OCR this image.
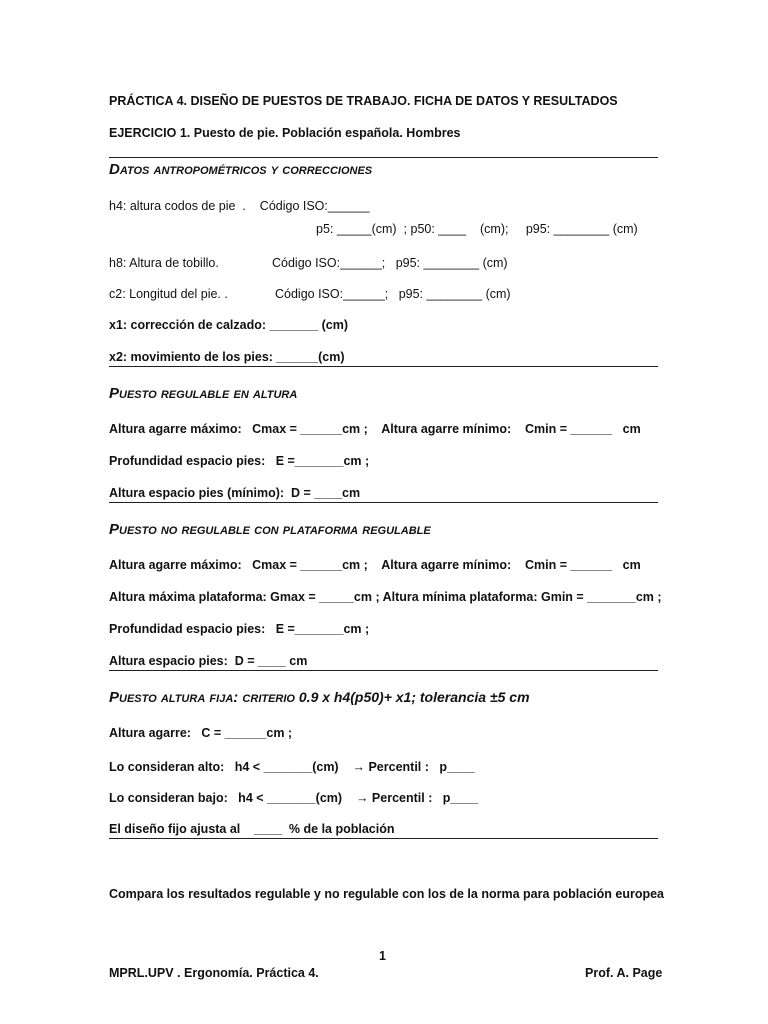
PRÁCTICA 4. DISEÑO DE PUESTOS DE TRABAJO. FICHA DE DATOS Y RESULTADOS
EJERCICIO 1. Puesto de pie. Población española. Hombres
Datos antropométricos y correcciones
h4: altura codos de pie  .    Código ISO:______
p5: _____(cm)  ; p50: ____    (cm);     p95: ________ (cm)
h8: Altura de tobillo.	Código ISO:______;   p95: ________ (cm)
c2: Longitud del pie. .	Código ISO:______;   p95: ________ (cm)
x1: corrección de calzado: _______ (cm)
x2: movimiento de los pies: ______(cm)
Puesto regulable en altura
Altura agarre máximo:   Cmax = ______cm ;    Altura agarre mínimo:    Cmin = ______   cm
Profundidad espacio pies:   E =_______cm ;
Altura espacio pies (mínimo):  D = ____cm
Puesto no regulable con plataforma regulable
Altura agarre máximo:   Cmax = ______cm ;    Altura agarre mínimo:    Cmin = ______   cm
Altura máxima plataforma: Gmax = _____cm ; Altura mínima plataforma: Gmin = _______cm ;
Profundidad espacio pies:   E =_______cm ;
Altura espacio pies:  D = ____ cm
Puesto altura fija: criterio 0.9 x h4(p50)+ x1; tolerancia ±5 cm
Altura agarre:   C = ______cm ;
Lo consideran alto:   h4 < _______(cm)    → Percentil :   p____
Lo consideran bajo:   h4 < _______(cm)    → Percentil :   p____
El diseño fijo ajusta al    ____  % de la población
Compara los resultados regulable y no regulable con los de la norma para población europea
1
MPRL.UPV . Ergonomía. Práctica 4.	Prof. A. Page
